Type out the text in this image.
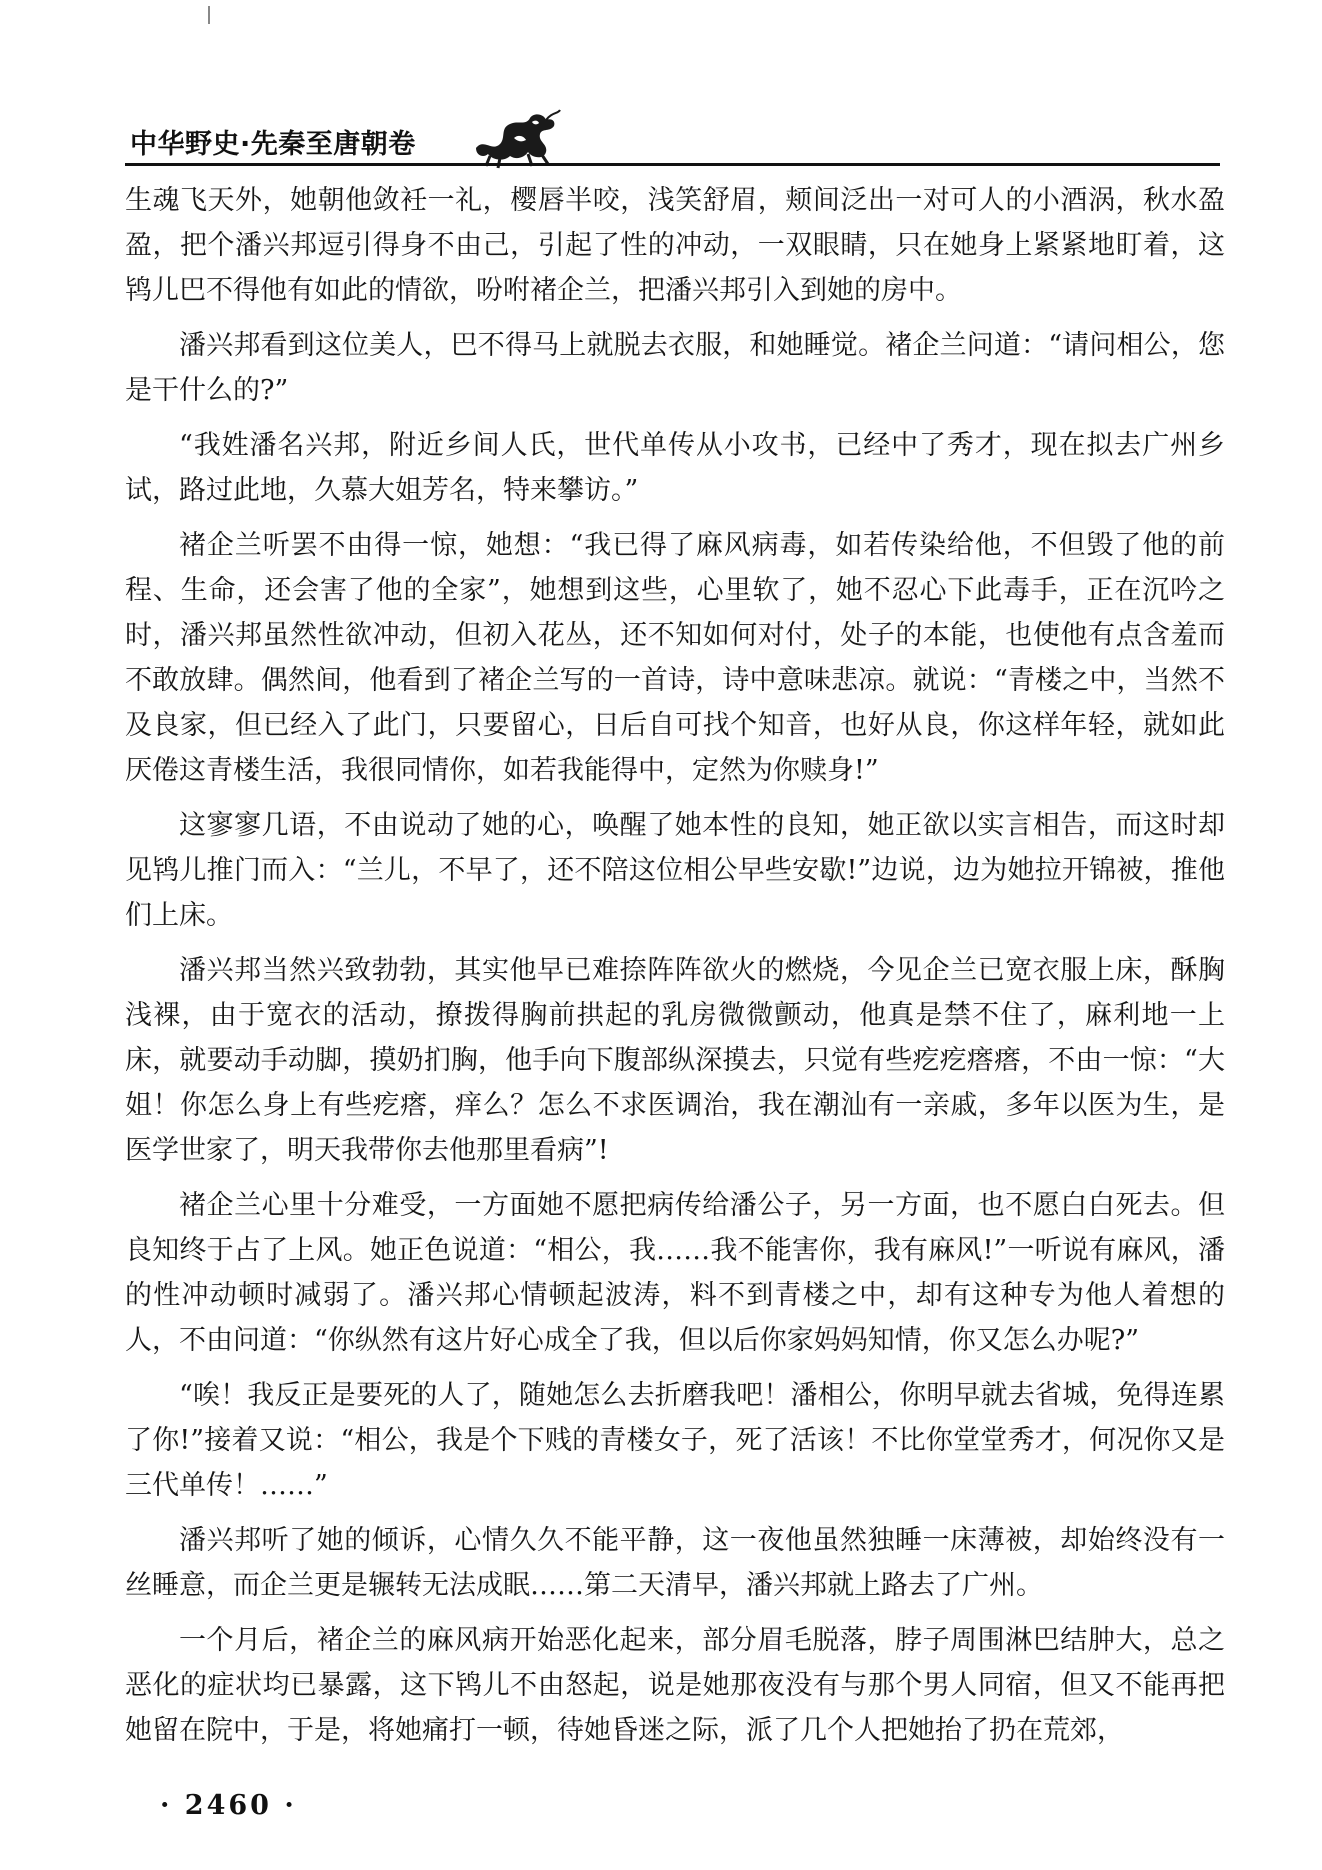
中华野史·先秦至唐朝卷

生魂飞天外，她朝他敛衽一礼，樱唇半咬，浅笑舒眉，颊间泛出一对可人的小酒涡，秋水盈盈，把个潘兴邦逗引得身不由己，引起了性的冲动，一双眼睛，只在她身上紧紧地盯着，这鸨儿巴不得他有如此的情欲，吩咐褚企兰，把潘兴邦引入到她的房中。

潘兴邦看到这位美人，巴不得马上就脱去衣服，和她睡觉。褚企兰问道：“请问相公，您是干什么的?”

“我姓潘名兴邦，附近乡间人氏，世代单传从小攻书，已经中了秀才，现在拟去广州乡试，路过此地，久慕大姐芳名，特来攀访。”

褚企兰听罢不由得一惊，她想：“我已得了麻风病毒，如若传染给他，不但毁了他的前程、生命，还会害了他的全家”，她想到这些，心里软了，她不忍心下此毒手，正在沉吟之时，潘兴邦虽然性欲冲动，但初入花丛，还不知如何对付，处子的本能，也使他有点含羞而不敢放肆。偶然间，他看到了褚企兰写的一首诗，诗中意味悲凉。就说：“青楼之中，当然不及良家，但已经入了此门，只要留心，日后自可找个知音，也好从良，你这样年轻，就如此厌倦这青楼生活，我很同情你，如若我能得中，定然为你赎身!”

这寥寥几语，不由说动了她的心，唤醒了她本性的良知，她正欲以实言相告，而这时却见鸨儿推门而入：“兰儿，不早了，还不陪这位相公早些安歇!”边说，边为她拉开锦被，推他们上床。

潘兴邦当然兴致勃勃，其实他早已难捺阵阵欲火的燃烧，今见企兰已宽衣服上床，酥胸浅裸，由于宽衣的活动，撩拨得胸前拱起的乳房微微颤动，他真是禁不住了，麻利地一上床，就要动手动脚，摸奶扪胸，他手向下腹部纵深摸去，只觉有些疙疙瘩瘩，不由一惊：“大姐！你怎么身上有些疙瘩，痒么？怎么不求医调治，我在潮汕有一亲戚，多年以医为生，是医学世家了，明天我带你去他那里看病”!

褚企兰心里十分难受，一方面她不愿把病传给潘公子，另一方面，也不愿白白死去。但良知终于占了上风。她正色说道：“相公，我……我不能害你，我有麻风!”一听说有麻风，潘的性冲动顿时减弱了。潘兴邦心情顿起波涛，料不到青楼之中，却有这种专为他人着想的人，不由问道：“你纵然有这片好心成全了我，但以后你家妈妈知情，你又怎么办呢?”

“唉！我反正是要死的人了，随她怎么去折磨我吧！潘相公，你明早就去省城，免得连累了你!”接着又说：“相公，我是个下贱的青楼女子，死了活该！不比你堂堂秀才，何况你又是三代单传！……”

潘兴邦听了她的倾诉，心情久久不能平静，这一夜他虽然独睡一床薄被，却始终没有一丝睡意，而企兰更是辗转无法成眠……第二天清早，潘兴邦就上路去了广州。

一个月后，褚企兰的麻风病开始恶化起来，部分眉毛脱落，脖子周围淋巴结肿大，总之恶化的症状均已暴露，这下鸨儿不由怒起，说是她那夜没有与那个男人同宿，但又不能再把她留在院中，于是，将她痛打一顿，待她昏迷之际，派了几个人把她抬了扔在荒郊，

· 2460 ·
